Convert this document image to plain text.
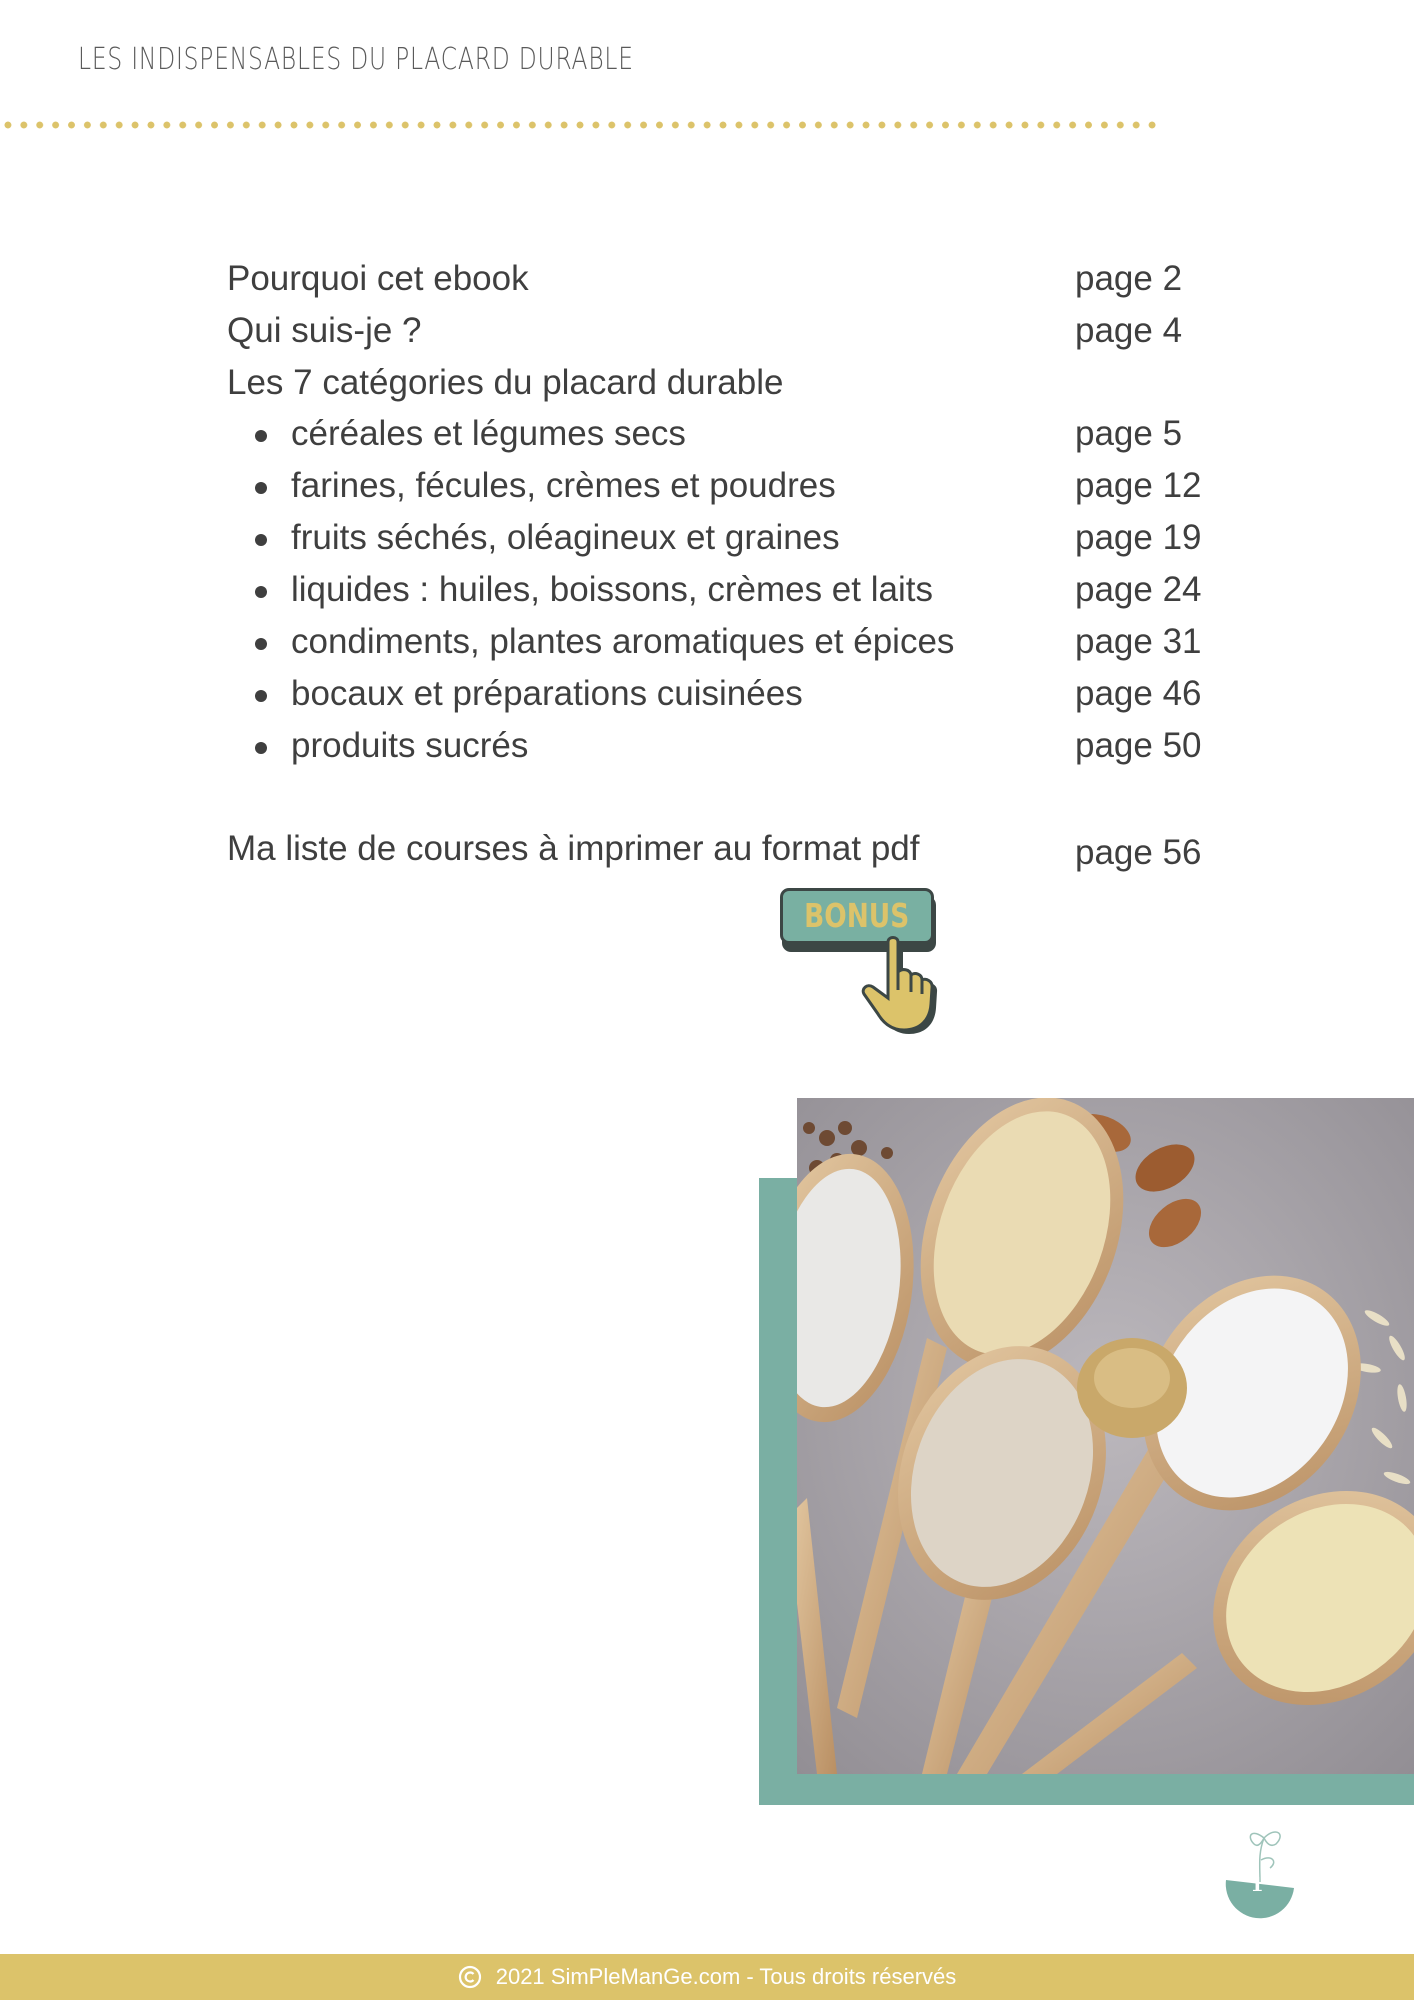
LES INDISPENSABLES DU PLACARD DURABLE
Pourquoi cet ebook	page 2
Qui suis-je ?	page 4
Les 7 catégories du placard durable
céréales et légumes secs	page 5
farines, fécules, crèmes et poudres	page 12
fruits séchés, oléagineux et graines	page 19
liquides : huiles, boissons, crèmes et laits	page 24
condiments, plantes aromatiques et épices	page 31
bocaux et préparations cuisinées	page 46
produits sucrés	page 50
Ma liste de courses à imprimer au format pdf	page 56
BONUS
1
2021 SimPleManGe.com - Tous droits réservés
